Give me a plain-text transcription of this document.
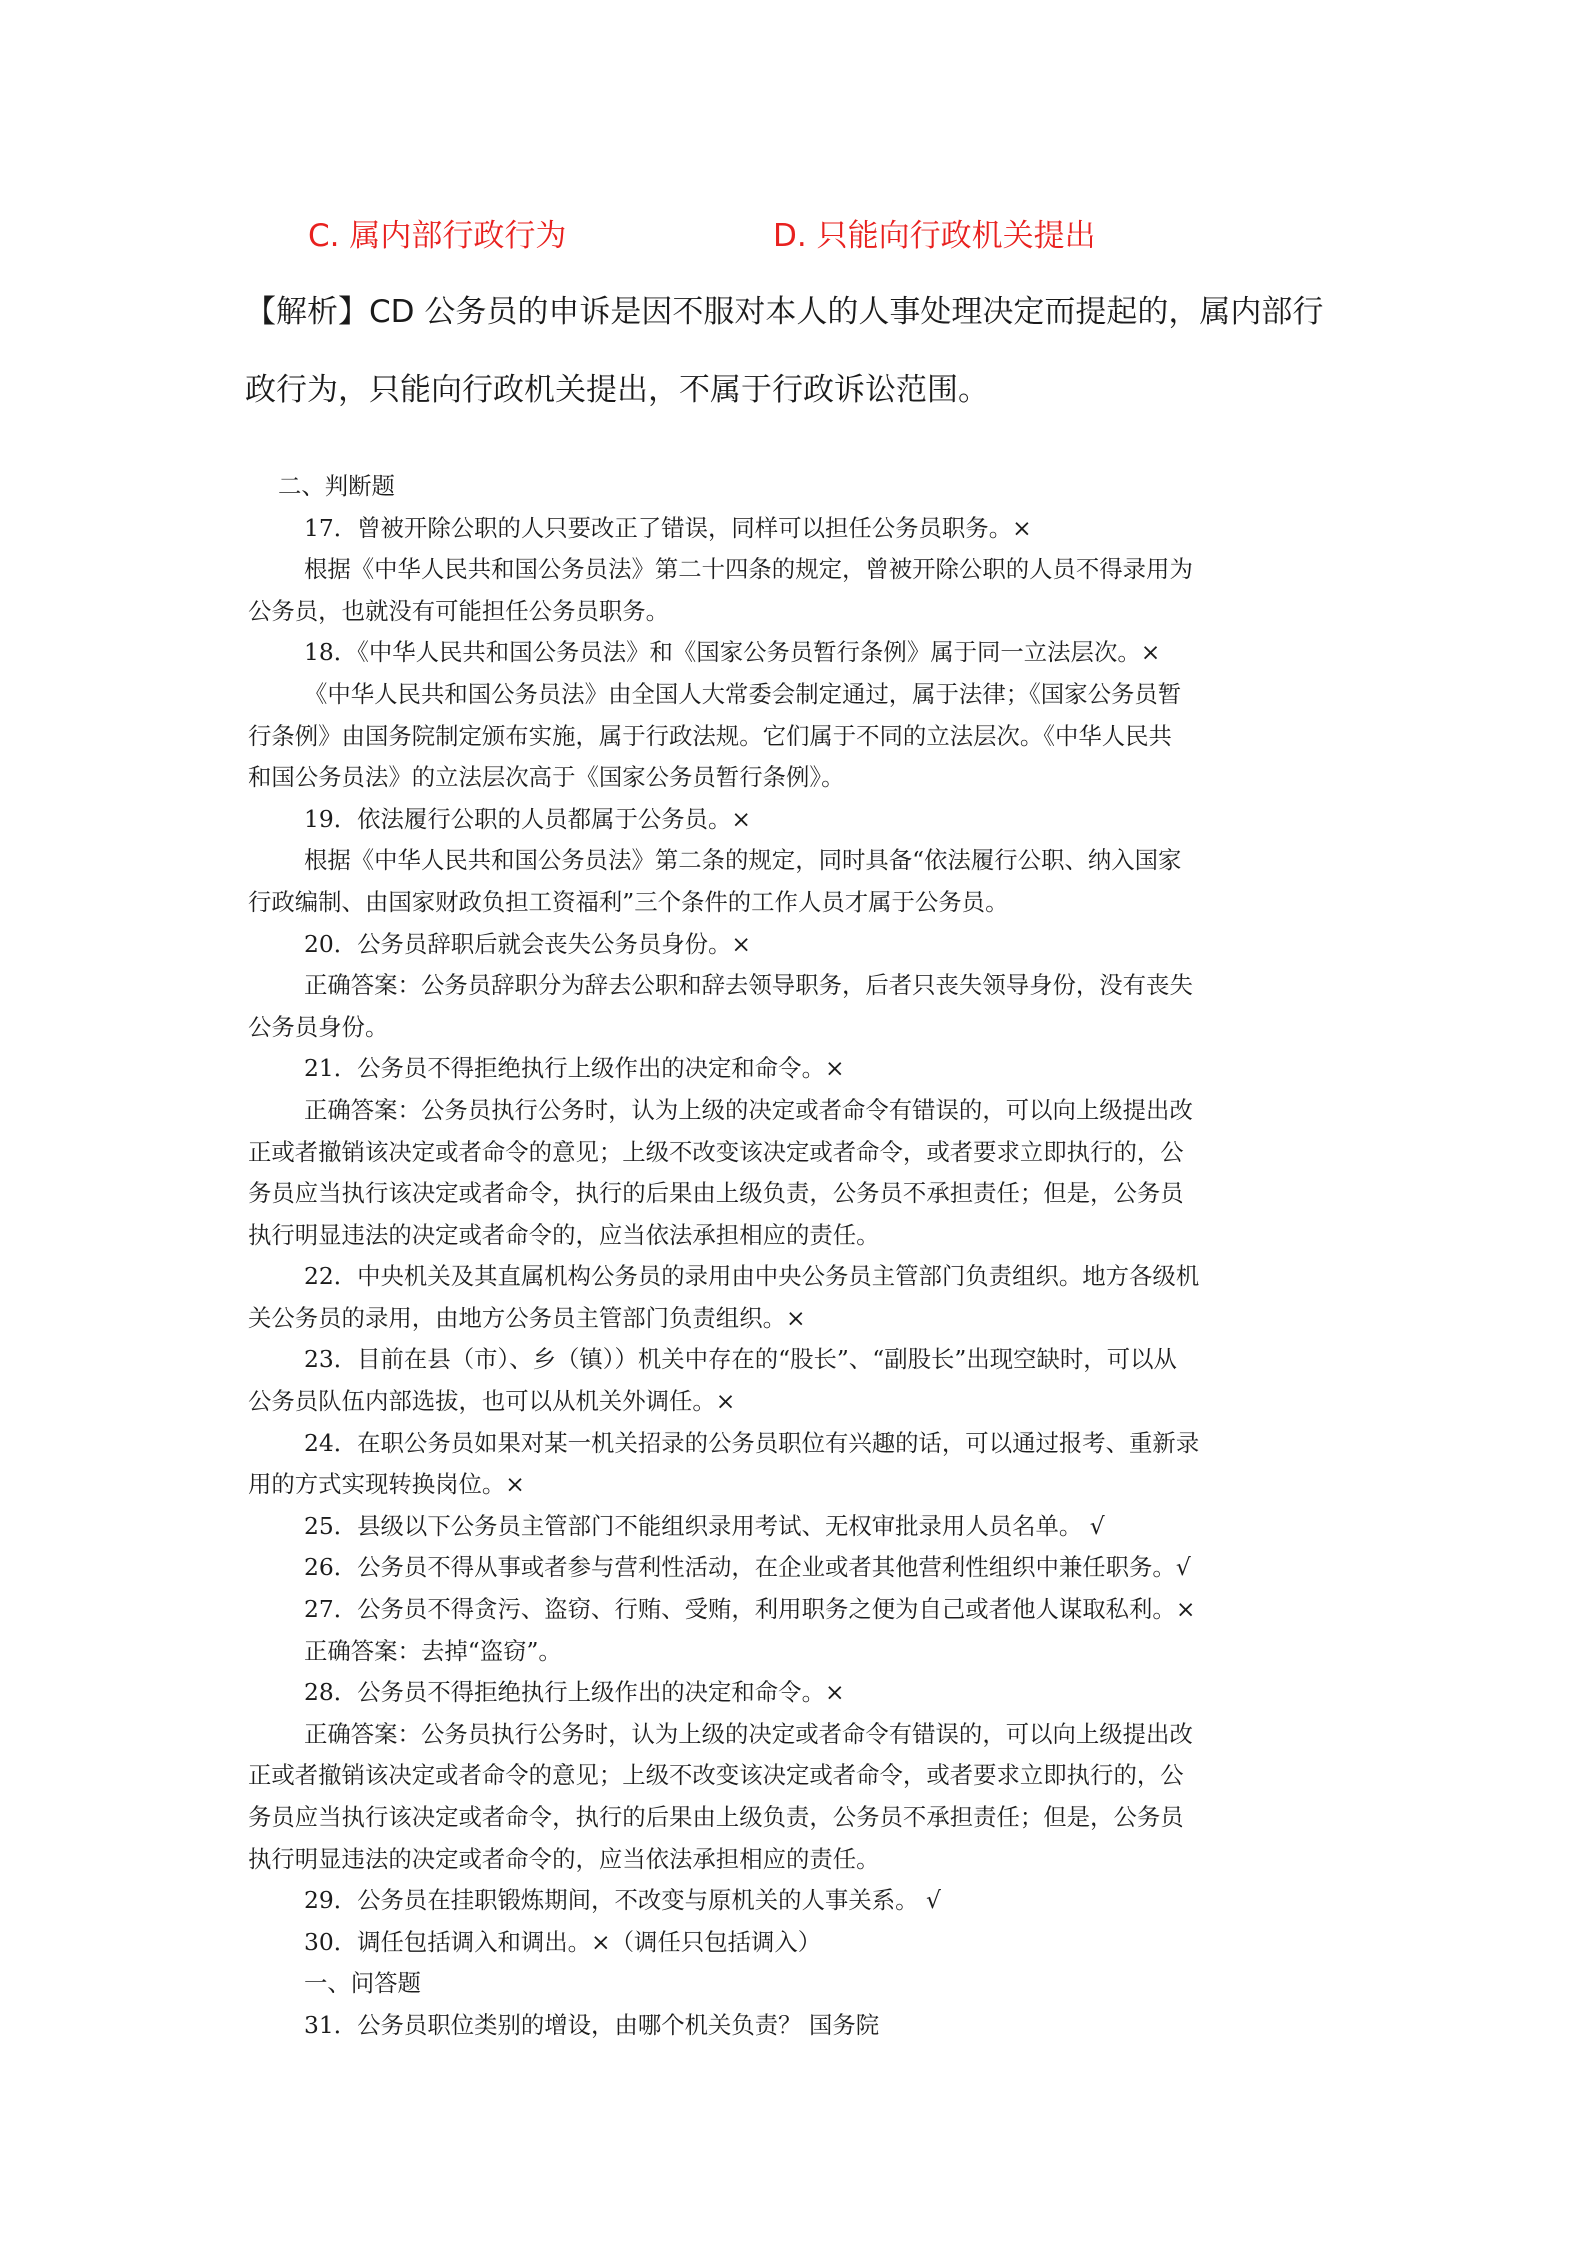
C. 属内部行政行为	D. 只能向行政机关提出
【解析】CD 公务员的申诉是因不服对本人的人事处理决定而提起的，属内部行
政行为，只能向行政机关提出，不属于行政诉讼范围。

二、判断题

17．曾被开除公职的人只要改正了错误，同样可以担任公务员职务。×

根据《中华人民共和国公务员法》第二十四条的规定，曾被开除公职的人员不得录用为

公务员，也就没有可能担任公务员职务。

18．《中华人民共和国公务员法》和《国家公务员暂行条例》属于同一立法层次。×

《中华人民共和国公务员法》由全国人大常委会制定通过，属于法律；《国家公务员暂

行条例》由国务院制定颁布实施，属于行政法规。它们属于不同的立法层次。《中华人民共

和国公务员法》的立法层次高于《国家公务员暂行条例》。

19．依法履行公职的人员都属于公务员。×

根据《中华人民共和国公务员法》第二条的规定，同时具备“依法履行公职、纳入国家

行政编制、由国家财政负担工资福利”三个条件的工作人员才属于公务员。

20．公务员辞职后就会丧失公务员身份。×

正确答案：公务员辞职分为辞去公职和辞去领导职务，后者只丧失领导身份，没有丧失

公务员身份。

21．公务员不得拒绝执行上级作出的决定和命令。×

正确答案：公务员执行公务时，认为上级的决定或者命令有错误的，可以向上级提出改

正或者撤销该决定或者命令的意见；上级不改变该决定或者命令，或者要求立即执行的，公

务员应当执行该决定或者命令，执行的后果由上级负责，公务员不承担责任；但是，公务员

执行明显违法的决定或者命令的，应当依法承担相应的责任。

22．中央机关及其直属机构公务员的录用由中央公务员主管部门负责组织。地方各级机

关公务员的录用，由地方公务员主管部门负责组织。×

23．目前在县（市）、乡（镇））机关中存在的“股长”、“副股长”出现空缺时，可以从

公务员队伍内部选拔，也可以从机关外调任。×

24．在职公务员如果对某一机关招录的公务员职位有兴趣的话，可以通过报考、重新录

用的方式实现转换岗位。×

25．县级以下公务员主管部门不能组织录用考试、无权审批录用人员名单。 √

26．公务员不得从事或者参与营利性活动，在企业或者其他营利性组织中兼任职务。√

27．公务员不得贪污、盗窃、行贿、受贿，利用职务之便为自己或者他人谋取私利。×

正确答案：去掉“盗窃”。

28．公务员不得拒绝执行上级作出的决定和命令。×

正确答案：公务员执行公务时，认为上级的决定或者命令有错误的，可以向上级提出改

正或者撤销该决定或者命令的意见；上级不改变该决定或者命令，或者要求立即执行的，公

务员应当执行该决定或者命令，执行的后果由上级负责，公务员不承担责任；但是，公务员

执行明显违法的决定或者命令的，应当依法承担相应的责任。

29．公务员在挂职锻炼期间，不改变与原机关的人事关系。 √

30．调任包括调入和调出。×（调任只包括调入）

一、问答题

31．公务员职位类别的增设，由哪个机关负责？ 国务院
